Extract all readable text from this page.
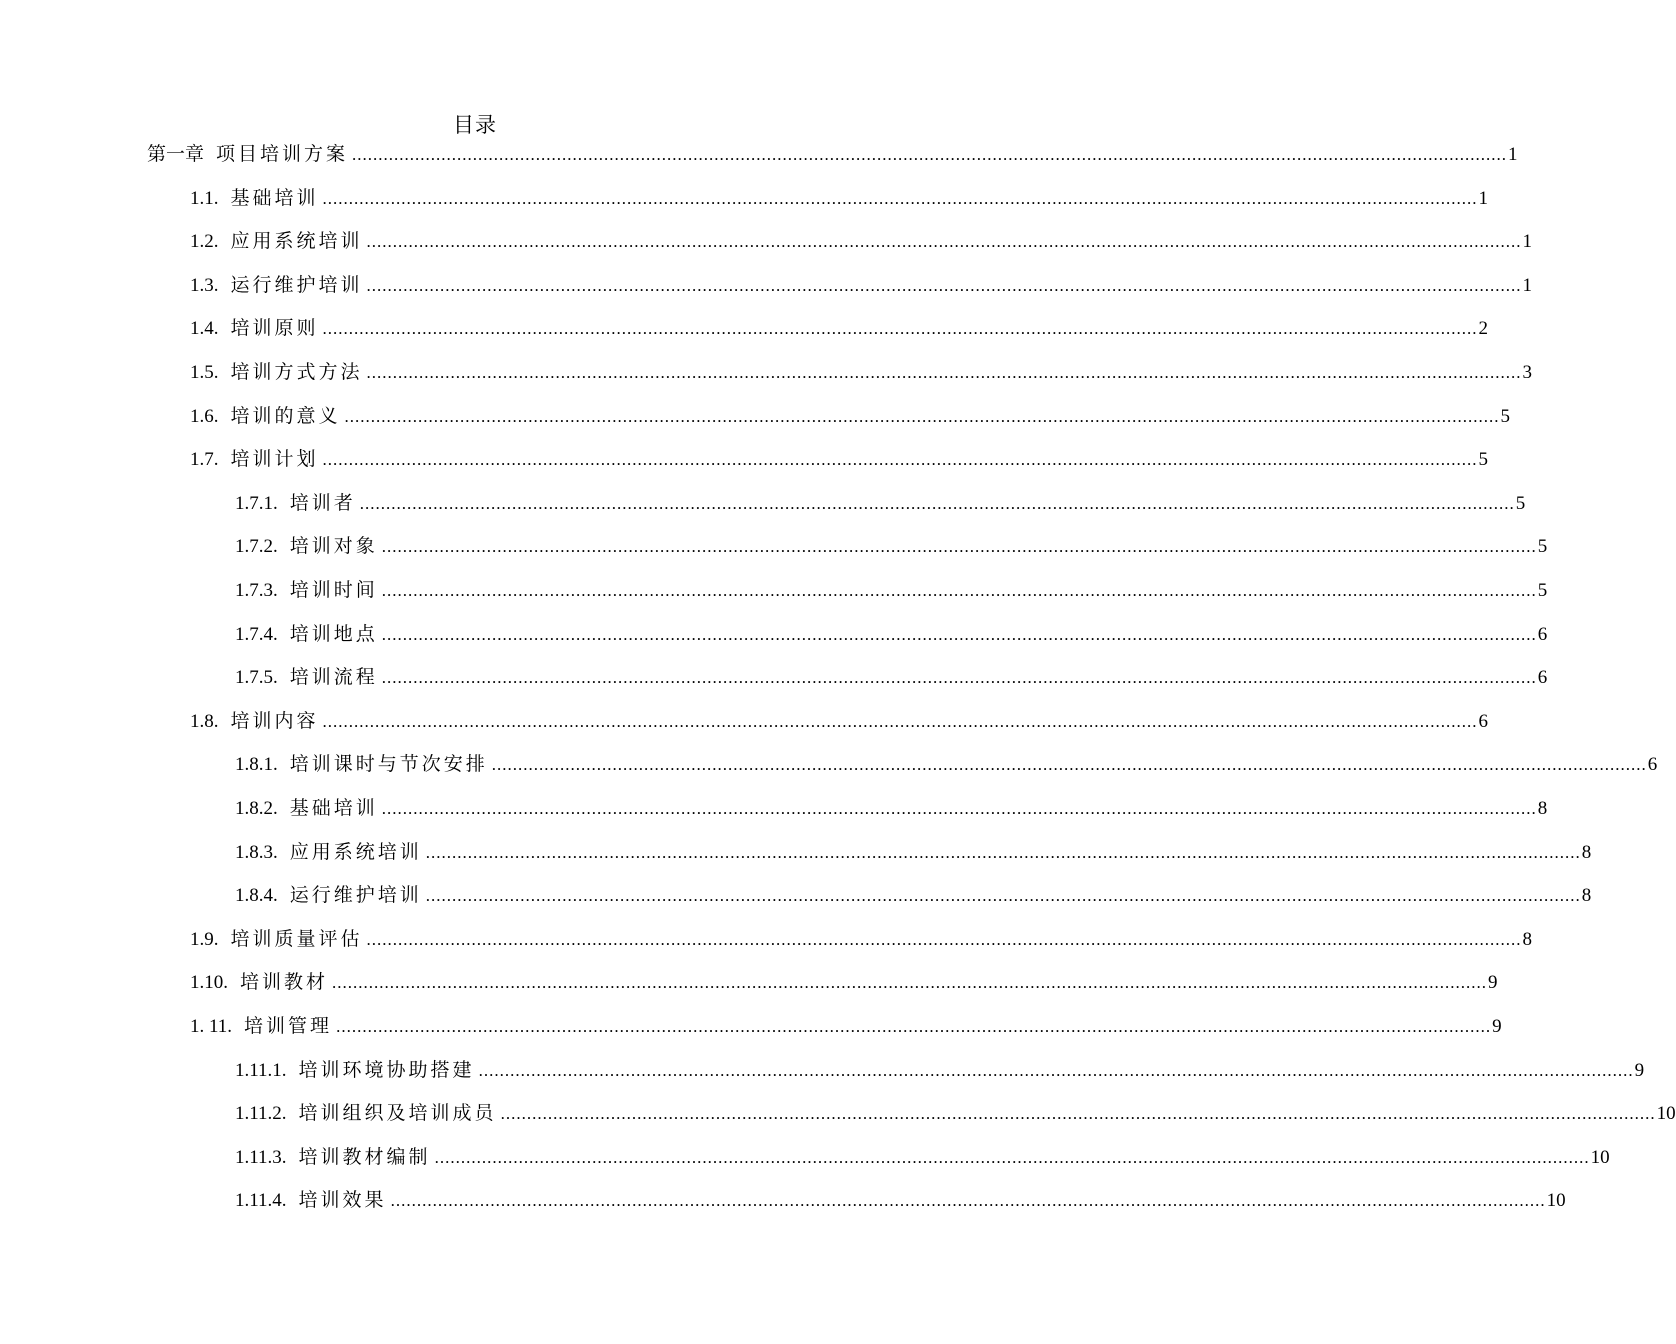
目录
第一章 项目培训方案 ............................................................................................................................................................................................................................ 1
1.1. 基础培训 ............................................................................................................................................................................................................................ 1
1.2. 应用系统培训 ............................................................................................................................................................................................................................ 1
1.3. 运行维护培训 ............................................................................................................................................................................................................................ 1
1.4. 培训原则 ............................................................................................................................................................................................................................ 2
1.5. 培训方式方法 ............................................................................................................................................................................................................................ 3
1.6. 培训的意义 ............................................................................................................................................................................................................................ 5
1.7. 培训计划 ............................................................................................................................................................................................................................ 5
1.7.1. 培训者 ............................................................................................................................................................................................................................ 5
1.7.2. 培训对象 ............................................................................................................................................................................................................................ 5
1.7.3. 培训时间 ............................................................................................................................................................................................................................ 5
1.7.4. 培训地点 ............................................................................................................................................................................................................................ 6
1.7.5. 培训流程 ............................................................................................................................................................................................................................ 6
1.8. 培训内容 ............................................................................................................................................................................................................................ 6
1.8.1. 培训课时与节次安排 ............................................................................................................................................................................................................................ 6
1.8.2. 基础培训 ............................................................................................................................................................................................................................ 8
1.8.3. 应用系统培训 ............................................................................................................................................................................................................................ 8
1.8.4. 运行维护培训 ............................................................................................................................................................................................................................ 8
1.9. 培训质量评估 ............................................................................................................................................................................................................................ 8
1.10. 培训教材 ............................................................................................................................................................................................................................ 9
1. 11. 培训管理 ............................................................................................................................................................................................................................ 9
1.11.1. 培训环境协助搭建 ............................................................................................................................................................................................................................ 9
1.11.2. 培训组织及培训成员 ............................................................................................................................................................................................................................ 10
1.11.3. 培训教材编制 ............................................................................................................................................................................................................................ 10
1.11.4. 培训效果 ............................................................................................................................................................................................................................ 10
